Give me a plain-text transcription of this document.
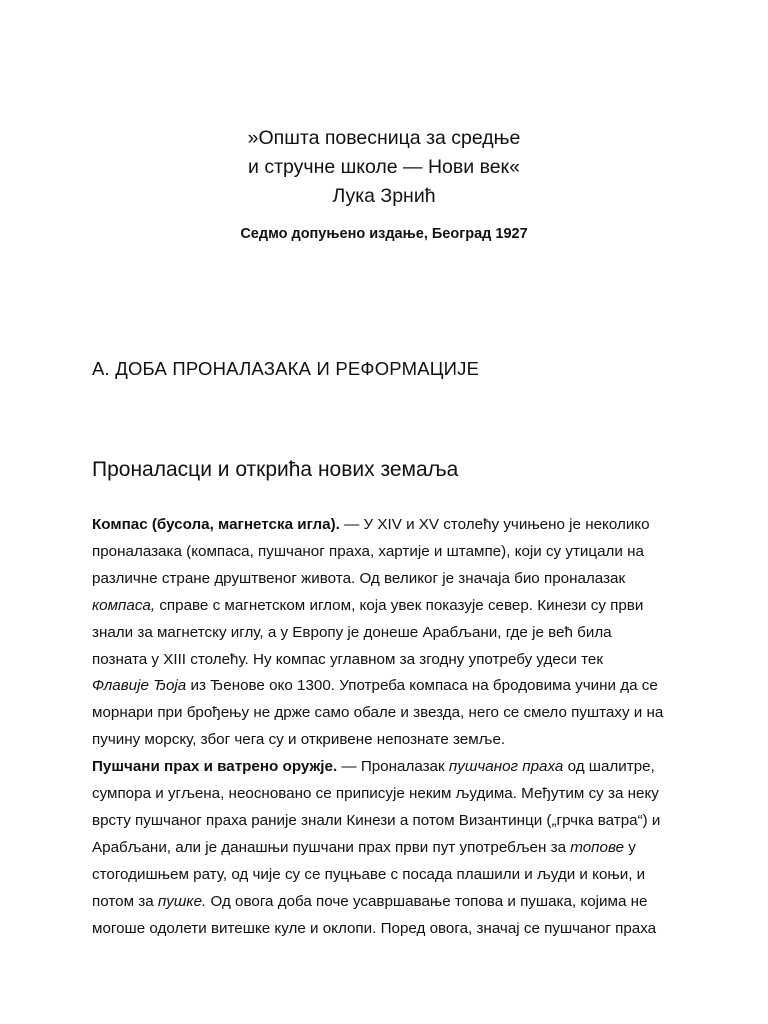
»Општа повесница за средње
и стручне школе — Нови век«
Лука Зрнић
Седмо допуњено издање, Београд 1927
А. ДОБА ПРОНАЛАЗАКА И РЕФОРМАЦИЈЕ
Проналасци и открића нових земаља

Компас (бусола, магнетска игла). — У XIV и XV столећу учињено је неколико
проналазака (компаса, пушчаног праха, хартије и штампе), који су утицали на
различне стране друштвеног живота. Од великог је значаја био проналазак
компаса, справе с магнетском иглом, која увек показује север. Кинези су први
знали за магнетску иглу, а у Европу је донеше Арабљани, где је већ била
позната у XIII столећу. Ну компас углавном за згодну употребу удеси тек
Флавије Ђоја из Ђенове око 1300. Употреба компаса на бродовима учини да се
морнари при брођењу не држе само обале и звезда, него се смело пуштаху и на
пучину морску, због чега су и откривене непознате земље.

Пушчани прах и ватрено оружје. — Проналазак пушчаног праха од шалитре,
сумпора и угљена, неосновано се приписује неким људима. Међутим су за неку
врсту пушчаног праха раније знали Кинези а потом Византинци („грчка ватра“) и
Арабљани, али је данашњи пушчани прах први пут употребљен за топове у
стогодишњем рату, од чије су се пуцњаве с посада плашили и људи и коњи, и
потом за пушке. Од овога доба поче усавршавање топова и пушака, којима не
могоше одолети витешке куле и оклопи. Поред овога, значај се пушчаног праха
